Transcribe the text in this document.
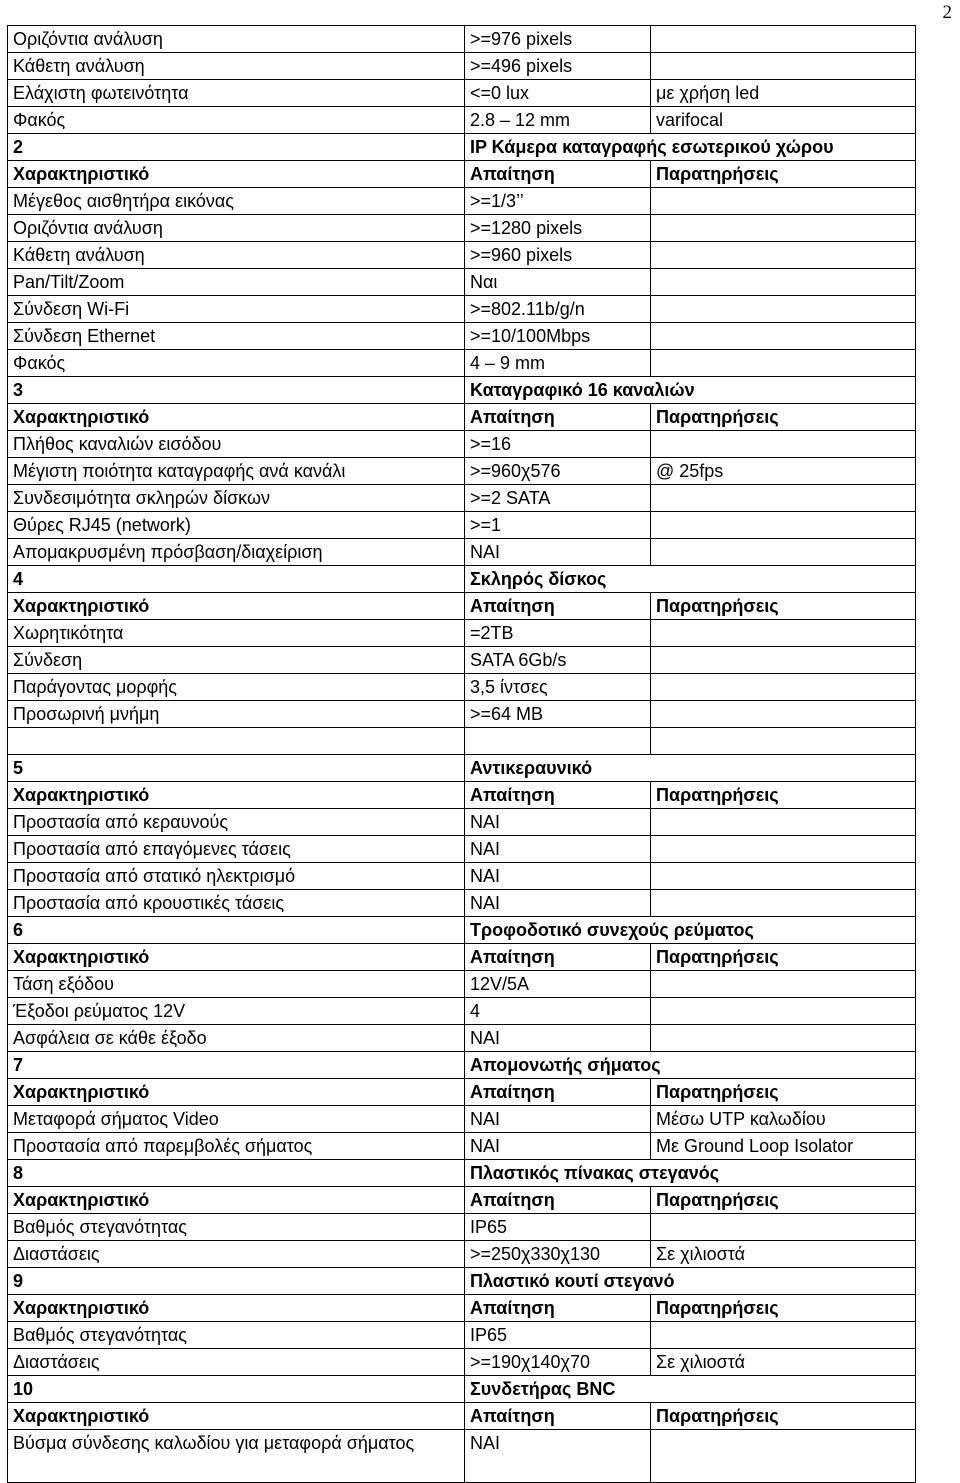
2
Οριζόντια ανάλυση	>=976 pixels	
Κάθετη ανάλυση	>=496 pixels	
Ελάχιστη φωτεινότητα	<=0 lux	με χρήση led
Φακός	2.8 – 12 mm	varifocal
2	IP Κάμερα καταγραφής εσωτερικού χώρου	
Χαρακτηριστικό	Απαίτηση	Παρατηρήσεις
Μέγεθος αισθητήρα εικόνας	>=1/3’’	
Οριζόντια ανάλυση	>=1280 pixels	
Κάθετη ανάλυση	>=960 pixels	
Pan/Tilt/Zoom	Ναι	
Σύνδεση Wi-Fi	>=802.11b/g/n	
Σύνδεση Ethernet	>=10/100Mbps	
Φακός	4 – 9 mm	
3	Καταγραφικό 16 καναλιών	
Χαρακτηριστικό	Απαίτηση	Παρατηρήσεις
Πλήθος καναλιών εισόδου	>=16	
Μέγιστη ποιότητα καταγραφής ανά κανάλι	>=960χ576	@ 25fps
Συνδεσιμότητα σκληρών δίσκων	>=2 SATA	
Θύρες RJ45 (network)	>=1	
Απομακρυσμένη πρόσβαση/διαχείριση	ΝΑΙ	
4	Σκληρός δίσκος	
Χαρακτηριστικό	Απαίτηση	Παρατηρήσεις
Χωρητικότητα	=2TB	
Σύνδεση	SATA 6Gb/s	
Παράγοντας μορφής	3,5 ίντσες	
Προσωρινή μνήμη	>=64 MB	

5	Αντικεραυνικό	
Χαρακτηριστικό	Απαίτηση	Παρατηρήσεις
Προστασία από κεραυνούς	ΝΑΙ	
Προστασία από επαγόμενες τάσεις	ΝΑΙ	
Προστασία από στατικό ηλεκτρισμό	ΝΑΙ	
Προστασία από κρουστικές τάσεις	ΝΑΙ	
6	Τροφοδοτικό συνεχούς ρεύματος	
Χαρακτηριστικό	Απαίτηση	Παρατηρήσεις
Τάση εξόδου	12V/5A	
Έξοδοι ρεύματος 12V	4	
Ασφάλεια σε κάθε έξοδο	ΝΑΙ	
7	Απομονωτής σήματος	
Χαρακτηριστικό	Απαίτηση	Παρατηρήσεις
Μεταφορά σήματος Video	ΝΑΙ	Μέσω UTP καλωδίου
Προστασία από παρεμβολές σήματος	ΝΑΙ	Με Ground Loop Isolator
8	Πλαστικός πίνακας στεγανός	
Χαρακτηριστικό	Απαίτηση	Παρατηρήσεις
Βαθμός στεγανότητας	IP65	
Διαστάσεις	>=250χ330χ130	Σε χιλιοστά
9	Πλαστικό κουτί στεγανό	
Χαρακτηριστικό	Απαίτηση	Παρατηρήσεις
Βαθμός στεγανότητας	IP65	
Διαστάσεις	>=190χ140χ70	Σε χιλιοστά
10	Συνδετήρας BNC	
Χαρακτηριστικό	Απαίτηση	Παρατηρήσεις
Βύσμα σύνδεσης καλωδίου για μεταφορά σήματος	ΝΑΙ	
